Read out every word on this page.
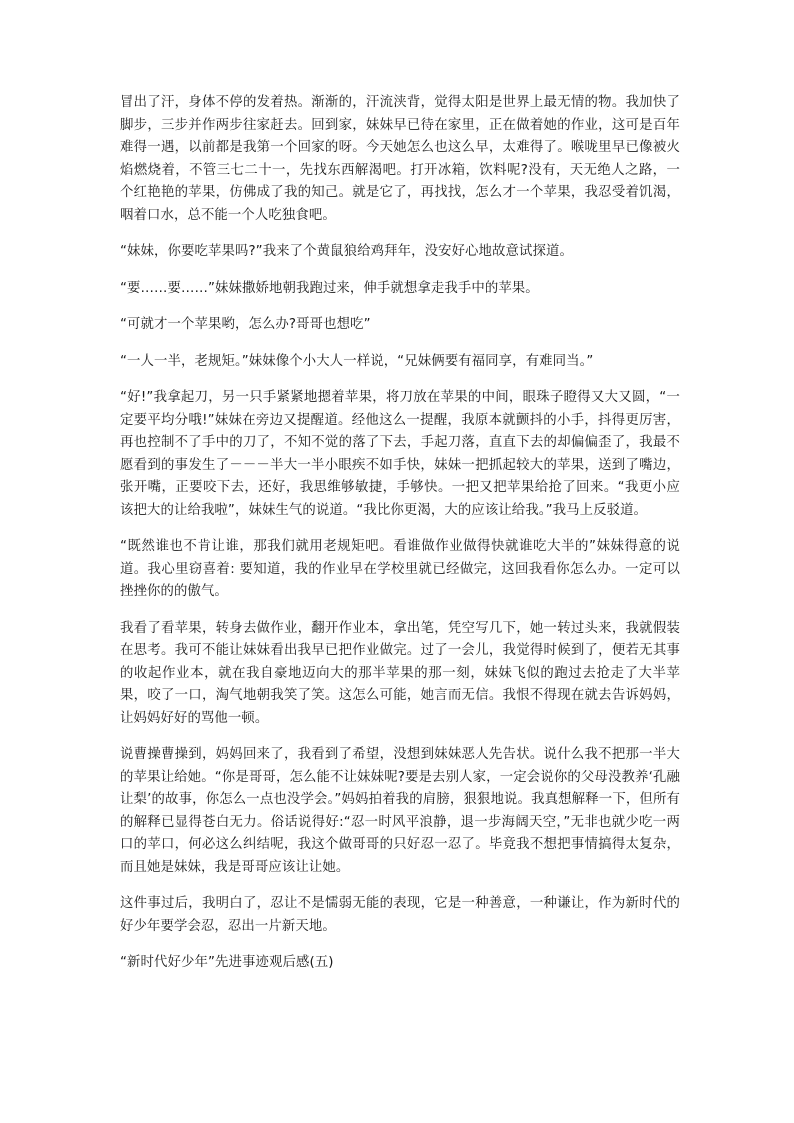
冒出了汗，身体不停的发着热。渐渐的，汗流浃背，觉得太阳是世界上最无情的物。我加快了脚步，三步并作两步往家赶去。回到家，妹妹早已待在家里，正在做着她的作业，这可是百年难得一遇，以前都是我第一个回家的呀。今天她怎么也这么早，太难得了。喉咙里早已像被火焰燃烧着，不管三七二十一，先找东西解渴吧。打开冰箱，饮料呢?没有，天无绝人之路，一个红艳艳的苹果，仿佛成了我的知己。就是它了，再找找，怎么才一个苹果，我忍受着饥渴，咽着口水，总不能一个人吃独食吧。

“妹妹，你要吃苹果吗?”我来了个黄鼠狼给鸡拜年，没安好心地故意试探道。

“要……要……”妹妹撒娇地朝我跑过来，伸手就想拿走我手中的苹果。

“可就才一个苹果哟，怎么办?哥哥也想吃”

“一人一半，老规矩。”妹妹像个小大人一样说，“兄妹俩要有福同享，有难同当。”

“好!”我拿起刀，另一只手紧紧地摁着苹果，将刀放在苹果的中间，眼珠子瞪得又大又圆，“一定要平均分哦!”妹妹在旁边又提醒道。经他这么一提醒，我原本就颤抖的小手，抖得更厉害，再也控制不了手中的刀了，不知不觉的落了下去，手起刀落，直直下去的却偏偏歪了，我最不愿看到的事发生了－－－半大一半小眼疾不如手快，妹妹一把抓起较大的苹果，送到了嘴边，张开嘴，正要咬下去，还好，我思维够敏捷，手够快。一把又把苹果给抢了回来。“我更小应该把大的让给我啦”，妹妹生气的说道。“我比你更渴，大的应该让给我。”我马上反驳道。

“既然谁也不肯让谁，那我们就用老规矩吧。看谁做作业做得快就谁吃大半的”妹妹得意的说道。我心里窃喜着: 要知道，我的作业早在学校里就已经做完，这回我看你怎么办。一定可以挫挫你的的傲气。

我看了看苹果，转身去做作业，翻开作业本，拿出笔，凭空写几下，她一转过头来，我就假装在思考。我可不能让妹妹看出我早已把作业做完。过了一会儿，我觉得时候到了，便若无其事的收起作业本，就在我自豪地迈向大的那半苹果的那一刻，妹妹飞似的跑过去抢走了大半苹果，咬了一口，淘气地朝我笑了笑。这怎么可能，她言而无信。我恨不得现在就去告诉妈妈，让妈妈好好的骂他一顿。

说曹操曹操到，妈妈回来了，我看到了希望，没想到妹妹恶人先告状。说什么我不把那一半大的苹果让给她。“你是哥哥，怎么能不让妹妹呢?要是去别人家，一定会说你的父母没教养‘孔融让梨’的故事，你怎么一点也没学会。”妈妈拍着我的肩膀，狠狠地说。我真想解释一下，但所有的解释已显得苍白无力。俗话说得好:“忍一时风平浪静，退一步海阔天空，”无非也就少吃一两口的苹口，何必这么纠结呢，我这个做哥哥的只好忍一忍了。毕竟我不想把事情搞得太复杂，而且她是妹妹，我是哥哥应该让让她。

这件事过后，我明白了，忍让不是懦弱无能的表现，它是一种善意，一种谦让，作为新时代的好少年要学会忍，忍出一片新天地。

“新时代好少年”先进事迹观后感(五)
